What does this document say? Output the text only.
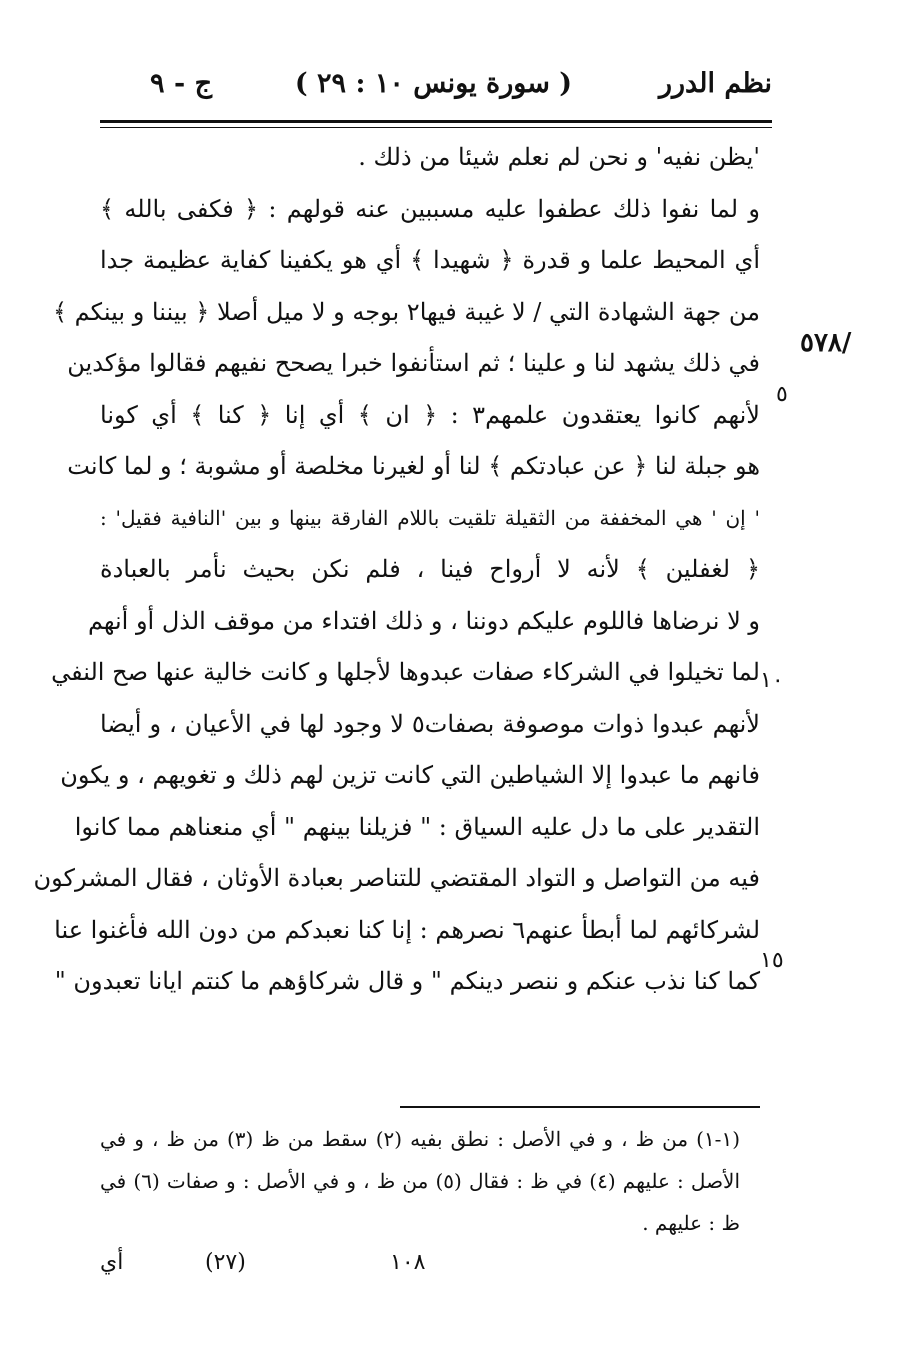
نظم الدرر
( سورة يونس ١٠ : ٢٩ )
ج - ٩
/٥٧٨
٥
١٠
١٥
'يظن نفيه' و نحن لم نعلم شيئا من ذلك .
و لما نفوا ذلك عطفوا عليه مسببين عنه قولهم : ﴿ فكفى بالله ﴾
أي المحيط علما و قدرة ﴿ شهيدا ﴾ أي هو يكفينا كفاية عظيمة جدا
من جهة الشهادة التي / لا غيبة فيها٢ بوجه و لا ميل أصلا ﴿ بيننا و بينكم ﴾
في ذلك يشهد لنا و علينا ؛ ثم استأنفوا خبرا يصحح نفيهم فقالوا مؤكدين
لأنهم كانوا يعتقدون علمهم٣ : ﴿ ان ﴾ أي إنا ﴿ كنا ﴾ أي كونا
هو جبلة لنا ﴿ عن عبادتكم ﴾ لنا أو لغيرنا مخلصة أو مشوبة ؛ و لما كانت
' إن ' هي المخففة من الثقيلة تلقيت باللام الفارقة بينها و بين 'النافية فقيل' :
﴿ لغفلين ﴾ لأنه لا أرواح فينا ، فلم نكن بحيث نأمر بالعبادة
و لا نرضاها فاللوم عليكم دوننا ، و ذلك افتداء من موقف الذل أو أنهم
لما تخيلوا في الشركاء صفات عبدوها لأجلها و كانت خالية عنها صح النفي
لأنهم عبدوا ذوات موصوفة بصفات٥ لا وجود لها في الأعيان ، و أيضا
فانهم ما عبدوا إلا الشياطين التي كانت تزين لهم ذلك و تغويهم ، و يكون
التقدير على ما دل عليه السياق : " فزيلنا بينهم " أي منعناهم مما كانوا
فيه من التواصل و التواد المقتضي للتناصر بعبادة الأوثان ، فقال المشركون
لشركائهم لما أبطأ عنهم٦ نصرهم : إنا كنا نعبدكم من دون الله فأغنوا عنا
كما كنا نذب عنكم و ننصر دينكم " و قال شركاؤهم ما كنتم ايانا تعبدون "
(١-١) من ظ ، و في الأصل : نطق بفيه (٢) سقط من ظ (٣) من ظ ، و في
الأصل : عليهم (٤) في ظ : فقال (٥) من ظ ، و في الأصل : و صفات (٦) في
ظ : عليهم .
١٠٨
(٢٧)
أي
